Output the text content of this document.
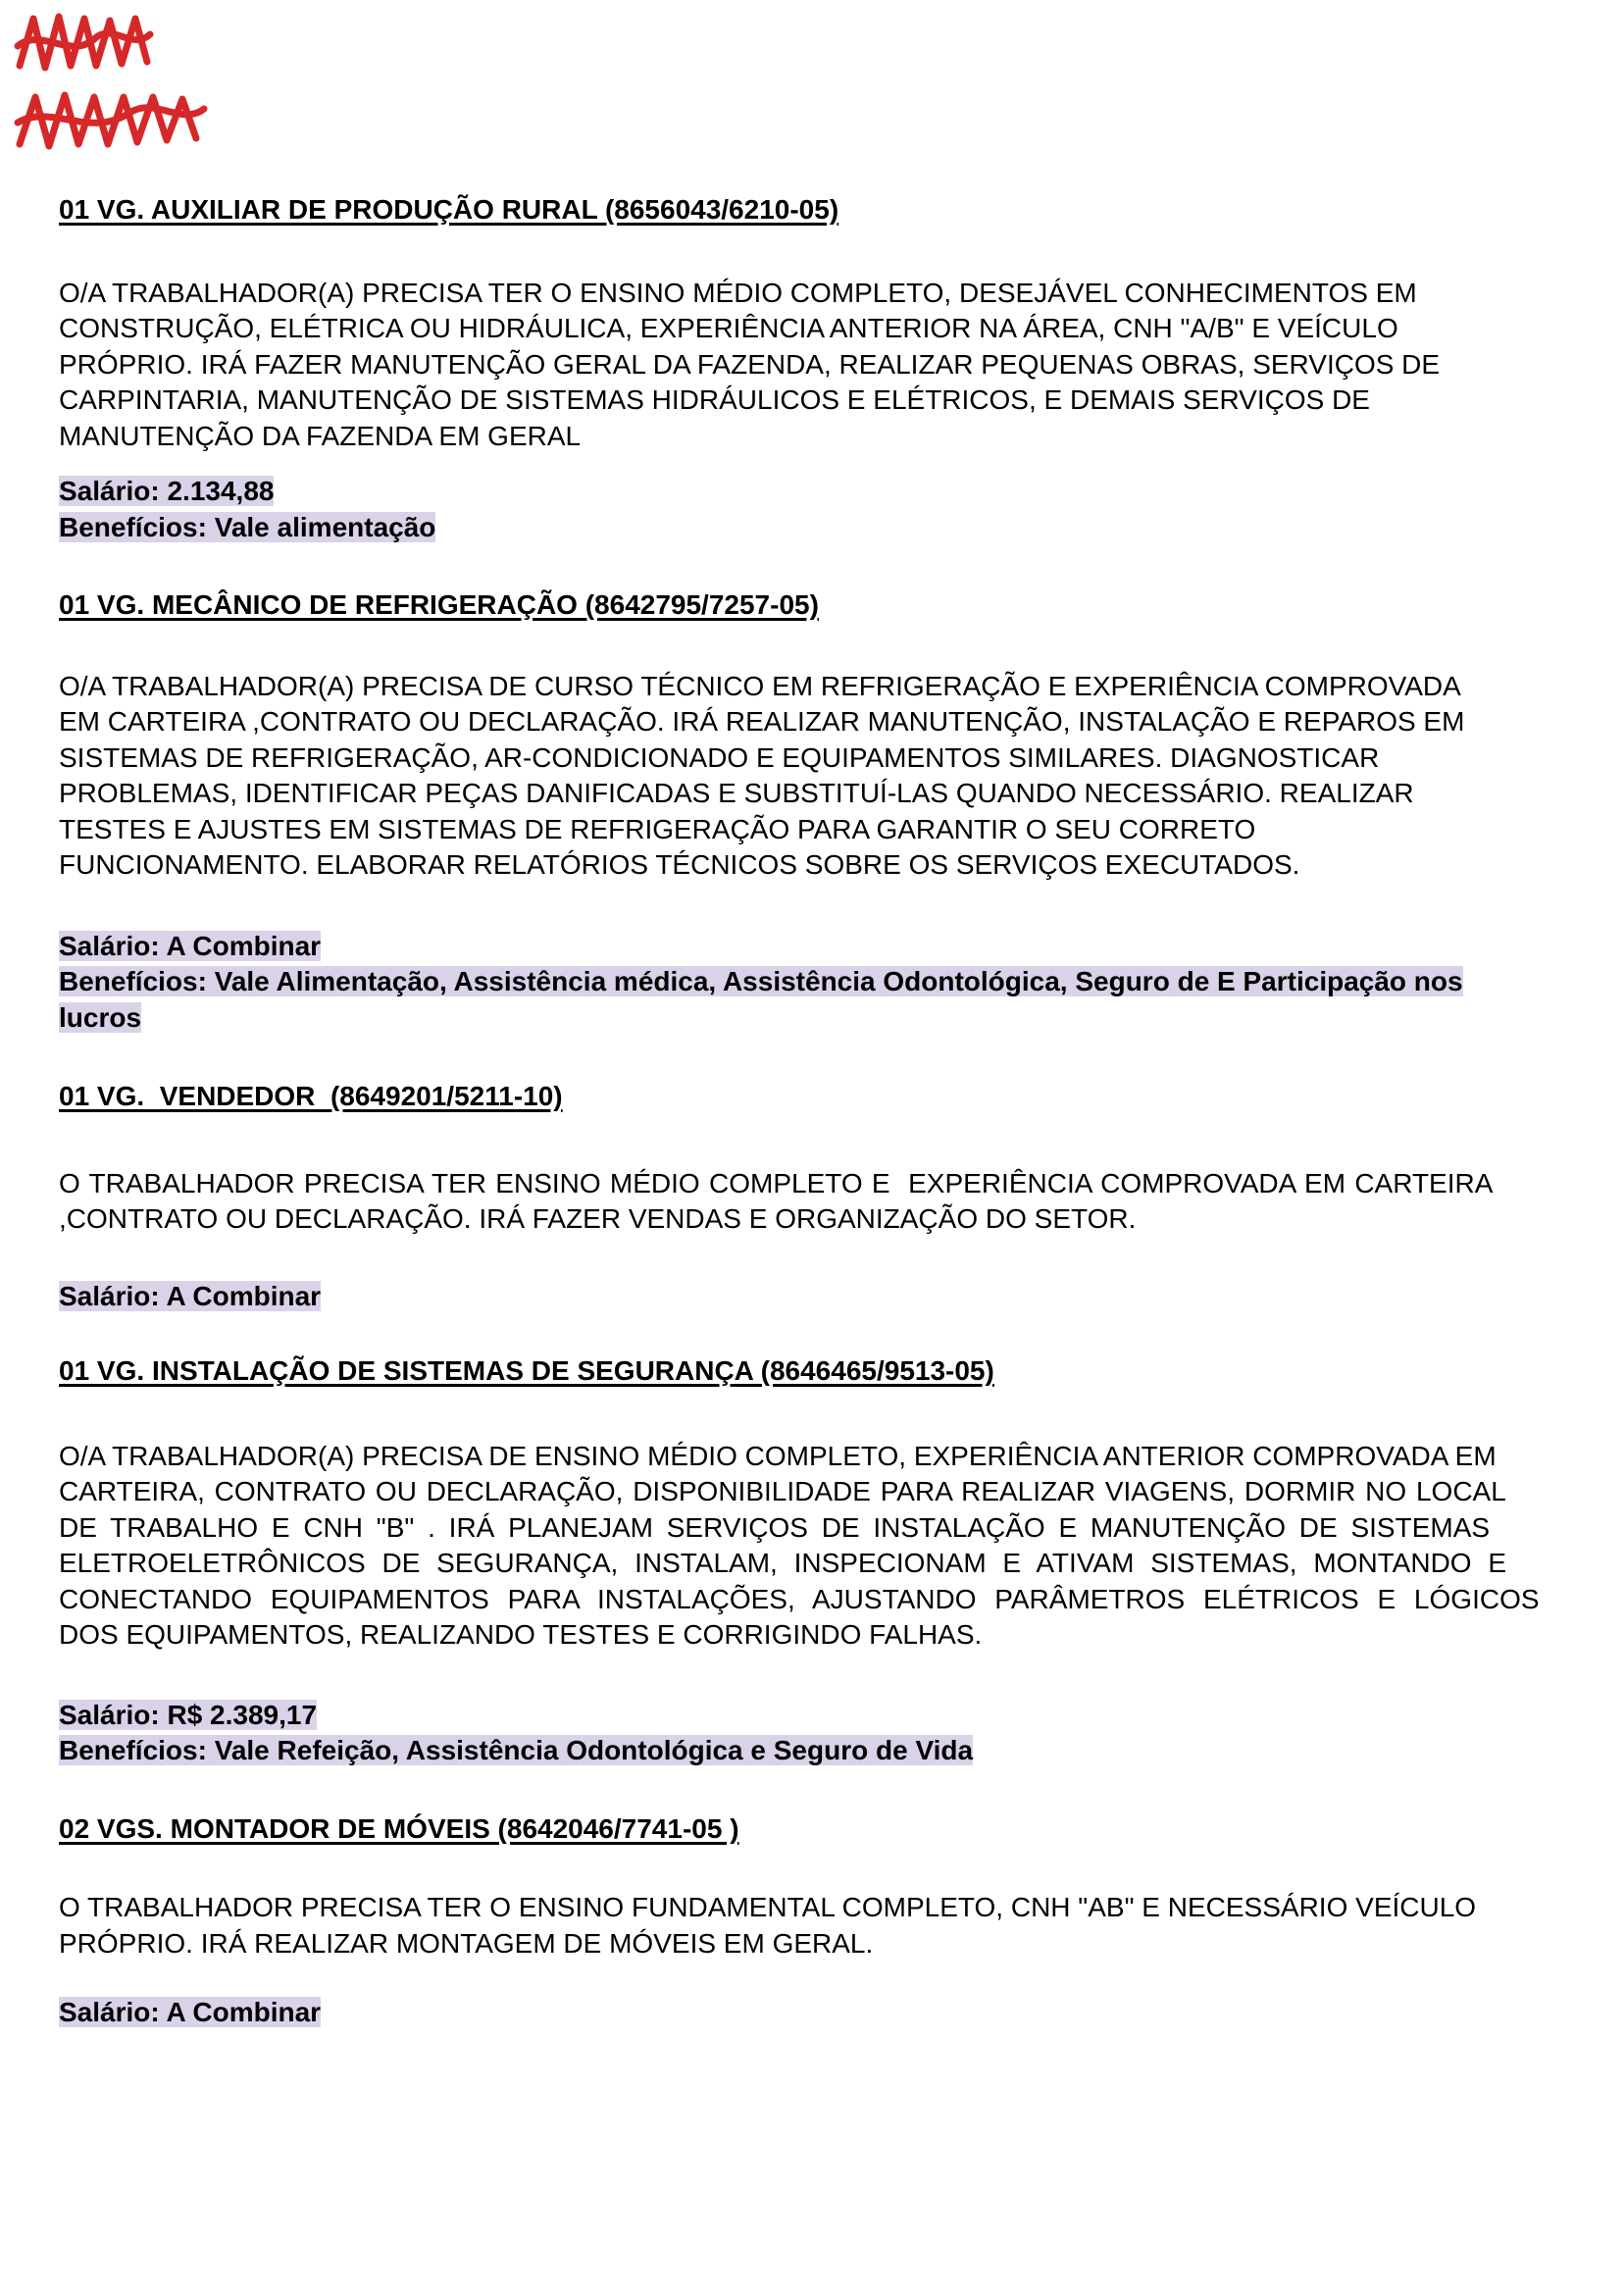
01 VG. AUXILIAR DE PRODUÇÃO RURAL (8656043/6210-05)
O/A TRABALHADOR(A) PRECISA TER O ENSINO MÉDIO COMPLETO, DESEJÁVEL CONHECIMENTOS EM
CONSTRUÇÃO, ELÉTRICA OU HIDRÁULICA, EXPERIÊNCIA ANTERIOR NA ÁREA, CNH "A/B" E VEÍCULO
PRÓPRIO. IRÁ FAZER MANUTENÇÃO GERAL DA FAZENDA, REALIZAR PEQUENAS OBRAS, SERVIÇOS DE
CARPINTARIA, MANUTENÇÃO DE SISTEMAS HIDRÁULICOS E ELÉTRICOS, E DEMAIS SERVIÇOS DE
MANUTENÇÃO DA FAZENDA EM GERAL
Salário: 2.134,88
Benefícios: Vale alimentação
01 VG. MECÂNICO DE REFRIGERAÇÃO (8642795/7257-05)
O/A TRABALHADOR(A) PRECISA DE CURSO TÉCNICO EM REFRIGERAÇÃO E EXPERIÊNCIA COMPROVADA
EM CARTEIRA ,CONTRATO OU DECLARAÇÃO. IRÁ REALIZAR MANUTENÇÃO, INSTALAÇÃO E REPAROS EM
SISTEMAS DE REFRIGERAÇÃO, AR-CONDICIONADO E EQUIPAMENTOS SIMILARES. DIAGNOSTICAR
PROBLEMAS, IDENTIFICAR PEÇAS DANIFICADAS E SUBSTITUÍ-LAS QUANDO NECESSÁRIO. REALIZAR
TESTES E AJUSTES EM SISTEMAS DE REFRIGERAÇÃO PARA GARANTIR O SEU CORRETO
FUNCIONAMENTO. ELABORAR RELATÓRIOS TÉCNICOS SOBRE OS SERVIÇOS EXECUTADOS.
Salário: A Combinar
Benefícios: Vale Alimentação, Assistência médica, Assistência Odontológica, Seguro de E Participação nos
lucros
01 VG.  VENDEDOR  (8649201/5211-10)
O TRABALHADOR PRECISA TER ENSINO MÉDIO COMPLETO E  EXPERIÊNCIA COMPROVADA EM CARTEIRA
,CONTRATO OU DECLARAÇÃO. IRÁ FAZER VENDAS E ORGANIZAÇÃO DO SETOR.
Salário: A Combinar
01 VG. INSTALAÇÃO DE SISTEMAS DE SEGURANÇA (8646465/9513-05)
O/A TRABALHADOR(A) PRECISA DE ENSINO MÉDIO COMPLETO, EXPERIÊNCIA ANTERIOR COMPROVADA EM
CARTEIRA, CONTRATO OU DECLARAÇÃO, DISPONIBILIDADE PARA REALIZAR VIAGENS, DORMIR NO LOCAL
DE TRABALHO E CNH "B" . IRÁ PLANEJAM SERVIÇOS DE INSTALAÇÃO E MANUTENÇÃO DE SISTEMAS
ELETROELETRÔNICOS DE SEGURANÇA, INSTALAM, INSPECIONAM E ATIVAM SISTEMAS, MONTANDO E
CONECTANDO EQUIPAMENTOS PARA INSTALAÇÕES, AJUSTANDO PARÂMETROS ELÉTRICOS E LÓGICOS
DOS EQUIPAMENTOS, REALIZANDO TESTES E CORRIGINDO FALHAS.
Salário: R$ 2.389,17
Benefícios: Vale Refeição, Assistência Odontológica e Seguro de Vida
02 VGS. MONTADOR DE MÓVEIS (8642046/7741-05 )
O TRABALHADOR PRECISA TER O ENSINO FUNDAMENTAL COMPLETO, CNH "AB" E NECESSÁRIO VEÍCULO
PRÓPRIO. IRÁ REALIZAR MONTAGEM DE MÓVEIS EM GERAL.
Salário: A Combinar
